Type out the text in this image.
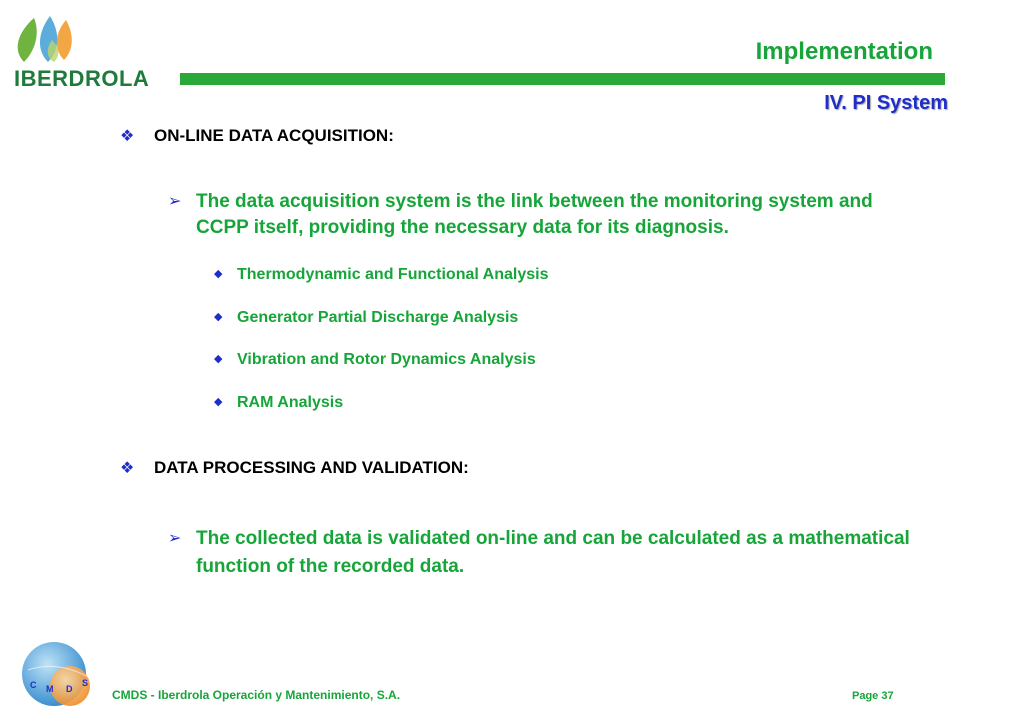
IBERDROLA
Implementation
IV. PI System
❖ ON-LINE DATA ACQUISITION:
➢ The data acquisition system is the link between the monitoring system and CCPP itself, providing the necessary data for its diagnosis.
◆ Thermodynamic and Functional Analysis
◆ Generator Partial Discharge Analysis
◆ Vibration and Rotor Dynamics Analysis
◆ RAM Analysis
❖ DATA PROCESSING AND VALIDATION:
➢ The collected data is validated on-line and can be calculated as a mathematical function of the recorded data.
C M D
S
CMDS - Iberdrola Operación y Mantenimiento, S.A.	Page 37
